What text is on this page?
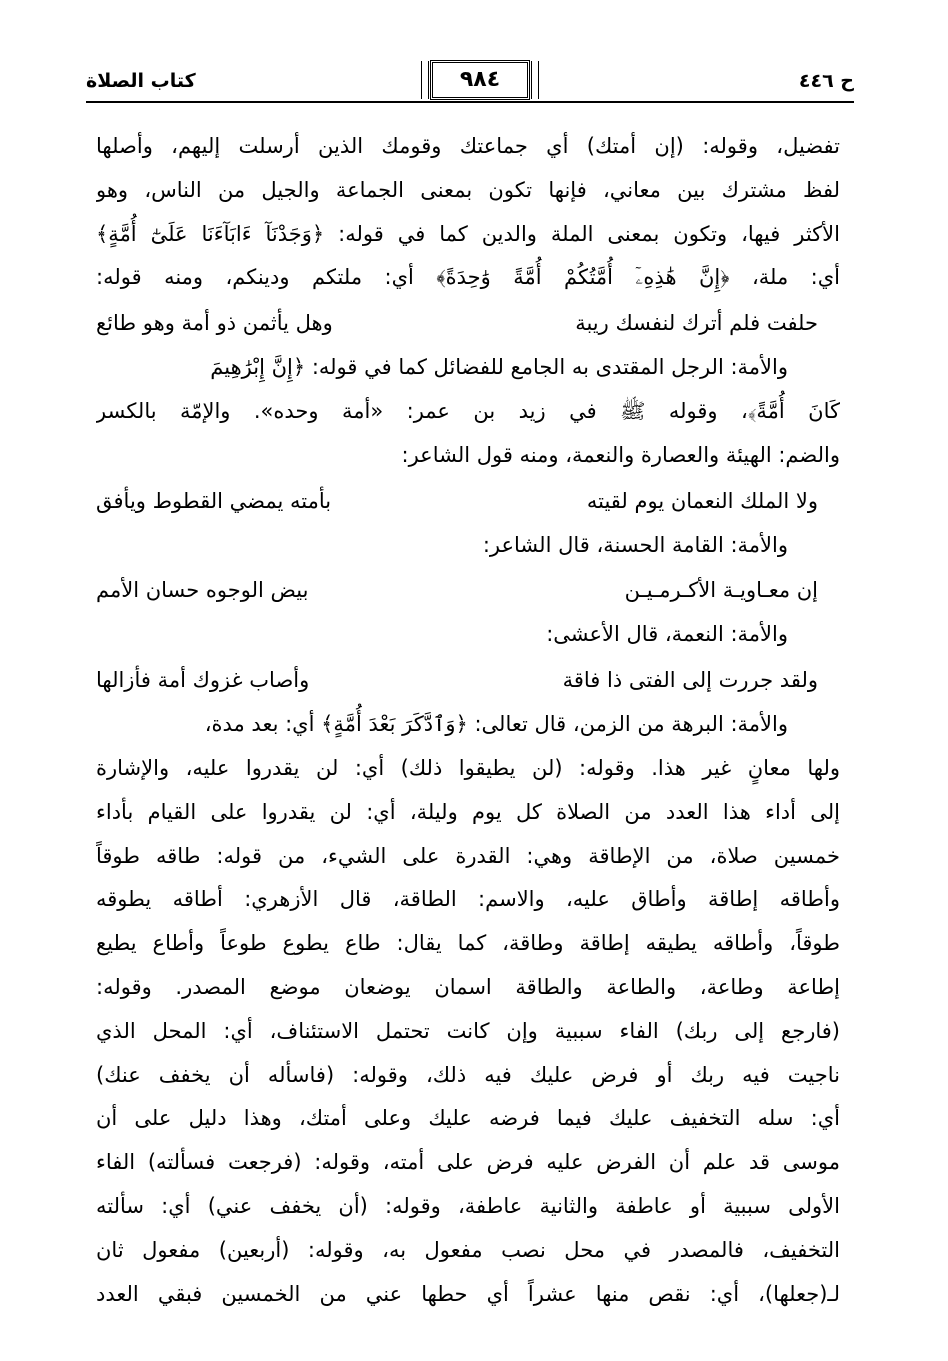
ح ٤٤٦
٩٨٤
كتاب الصلاة
تفضيل، وقوله: (إن أمتك) أي جماعتك وقومك الذين أرسلت إليهم، وأصلها
لفظ مشترك بين معاني، فإنها تكون بمعنى الجماعة والجيل من الناس، وهو
الأكثر فيها، وتكون بمعنى الملة والدين كما في قوله: ﴿وَجَدْنَآ ءَابَآءَنَا عَلَىٰٓ أُمَّةٍ﴾
أي: ملة، ﴿إِنَّ هَٰذِهِۦٓ أُمَّتُكُمْ أُمَّةً وَٰحِدَةً﴾ أي: ملتكم ودينكم، ومنه قوله:
حلفت فلم أترك لنفسك ريبة
وهل يأثمن ذو أمة وهو طائع
والأمة: الرجل المقتدى به الجامع للفضائل كما في قوله: ﴿إِنَّ إِبْرَٰهِيمَ
كَانَ أُمَّةً﴾، وقوله ﷺ في زيد بن عمر: «أمة وحده». والإمّة بالكسر
والضم: الهيئة والعصارة والنعمة، ومنه قول الشاعر:
ولا الملك النعمان يوم لقيته
بأمته يمضي القطوط ويأفق
والأمة: القامة الحسنة، قال الشاعر:
إن معـاويـة الأكـرمـيـن
بيض الوجوه حسان الأمم
والأمة: النعمة، قال الأعشى:
ولقد جررت إلى الفتى ذا فاقة
وأصاب غزوك أمة فأزالها
والأمة: البرهة من الزمن، قال تعالى: ﴿وَٱدَّكَرَ بَعْدَ أُمَّةٍ﴾ أي: بعد مدة،
ولها معانٍ غير هذا. وقوله: (لن يطيقوا ذلك) أي: لن يقدروا عليه، والإشارة
إلى أداء هذا العدد من الصلاة كل يوم وليلة، أي: لن يقدروا على القيام بأداء
خمسين صلاة، من الإطاقة وهي: القدرة على الشيء، من قوله: طاقه طوقاً
وأطاقه إطاقة وأطاق عليه، والاسم: الطاقة، قال الأزهري: أطاقه يطوقه
طوقاً، وأطاقه يطيقه إطاقة وطاقة، كما يقال: طاع يطوع طوعاً وأطاع يطيع
إطاعة وطاعة، والطاعة والطاقة اسمان يوضعان موضع المصدر. وقوله:
(فارجع إلى ربك) الفاء سببية وإن كانت تحتمل الاستئناف، أي: المحل الذي
ناجيت فيه ربك أو فرض عليك فيه ذلك، وقوله: (فاسأله أن يخفف عنك)
أي: سله التخفيف عليك فيما فرضه عليك وعلى أمتك، وهذا دليل على أن
موسى قد علم أن الفرض عليه فرض على أمته، وقوله: (فرجعت فسألته) الفاء
الأولى سببية أو عاطفة والثانية عاطفة، وقوله: (أن يخفف عني) أي: سألته
التخفيف، فالمصدر في محل نصب مفعول به، وقوله: (أربعين) مفعول ثان
لـ(جعلها)، أي: نقص منها عشراً أي حطها عني من الخمسين فبقي العدد
